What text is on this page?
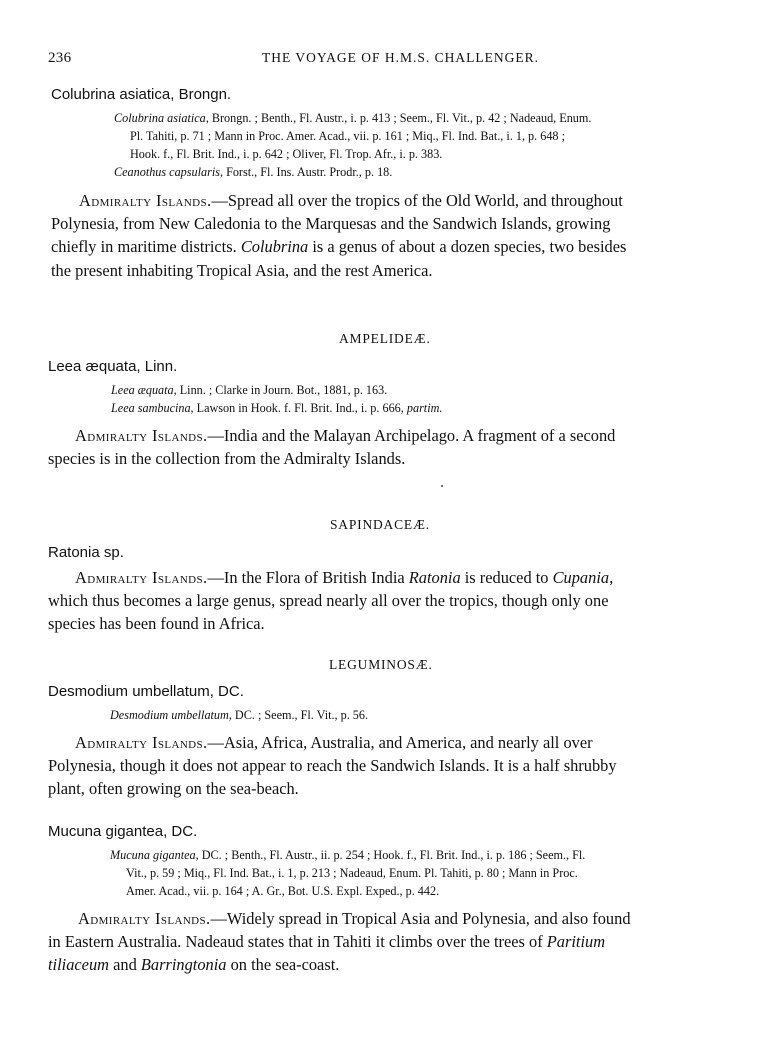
236	THE VOYAGE OF H.M.S. CHALLENGER.
Colubrina asiatica, Brongn.
Colubrina asiatica, Brongn. ; Benth., Fl. Austr., i. p. 413 ; Seem., Fl. Vit., p. 42 ; Nadeaud, Enum.
Pl. Tahiti, p. 71 ; Mann in Proc. Amer. Acad., vii. p. 161 ; Miq., Fl. Ind. Bat., i. 1, p. 648 ;
Hook. f., Fl. Brit. Ind., i. p. 642 ; Oliver, Fl. Trop. Afr., i. p. 383.
Ceanothus capsularis, Forst., Fl. Ins. Austr. Prodr., p. 18.
Admiralty Islands.—Spread all over the tropics of the Old World, and throughout
Polynesia, from New Caledonia to the Marquesas and the Sandwich Islands, growing
chiefly in maritime districts. Colubrina is a genus of about a dozen species, two besides
the present inhabiting Tropical Asia, and the rest America.
AMPELIDEÆ.
Leea æquata, Linn.
Leea æquata, Linn. ; Clarke in Journ. Bot., 1881, p. 163.
Leea sambucina, Lawson in Hook. f. Fl. Brit. Ind., i. p. 666, partim.
Admiralty Islands.—India and the Malayan Archipelago. A fragment of a second
species is in the collection from the Admiralty Islands.
SAPINDACEÆ.
Ratonia sp.
Admiralty Islands.—In the Flora of British India Ratonia is reduced to Cupania,
which thus becomes a large genus, spread nearly all over the tropics, though only one
species has been found in Africa.
LEGUMINOSÆ.
Desmodium umbellatum, DC.
Desmodium umbellatum, DC. ; Seem., Fl. Vit., p. 56.
Admiralty Islands.—Asia, Africa, Australia, and America, and nearly all over
Polynesia, though it does not appear to reach the Sandwich Islands. It is a half shrubby
plant, often growing on the sea-beach.
Mucuna gigantea, DC.
Mucuna gigantea, DC. ; Benth., Fl. Austr., ii. p. 254 ; Hook. f., Fl. Brit. Ind., i. p. 186 ; Seem., Fl.
Vit., p. 59 ; Miq., Fl. Ind. Bat., i. 1, p. 213 ; Nadeaud, Enum. Pl. Tahiti, p. 80 ; Mann in Proc.
Amer. Acad., vii. p. 164 ; A. Gr., Bot. U.S. Expl. Exped., p. 442.
Admiralty Islands.—Widely spread in Tropical Asia and Polynesia, and also found
in Eastern Australia. Nadeaud states that in Tahiti it climbs over the trees of Paritium
tiliaceum and Barringtonia on the sea-coast.
